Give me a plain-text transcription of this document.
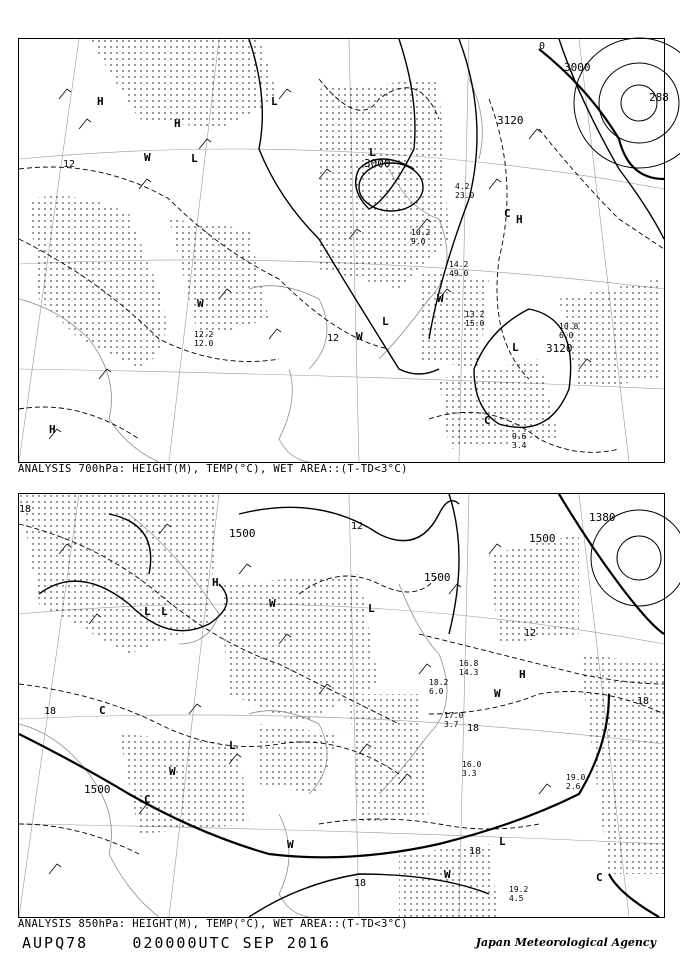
3000
3000
3120
3120
288
12
12
0
H
H
H
H
L
L	L
L
L
W
W
W
W
C
C
9.6
3.4
14.2
49.0
10.2
9.0
13.2
15.0
12.2
12.0
10.8
6.0
4.2
23.0
ANALYSIS 700hPa: HEIGHT(M), TEMP(°C), WET AREA::(T-TD<3°C)
1500
1500
1500
1500
1380
12
12
18
18
18
18
18
18
H
H
L L	L
L
L
W
W
W
W
W
C
C
C
19.2
4.5
16.0
3.3	19.0
2.6
17.0
3.7
18.2
6.0
16.8
14.3
ANALYSIS 850hPa: HEIGHT(M), TEMP(°C), WET AREA::(T-TD<3°C)
AUPQ78	020000UTC SEP 2016	Japan Meteorological Agency
